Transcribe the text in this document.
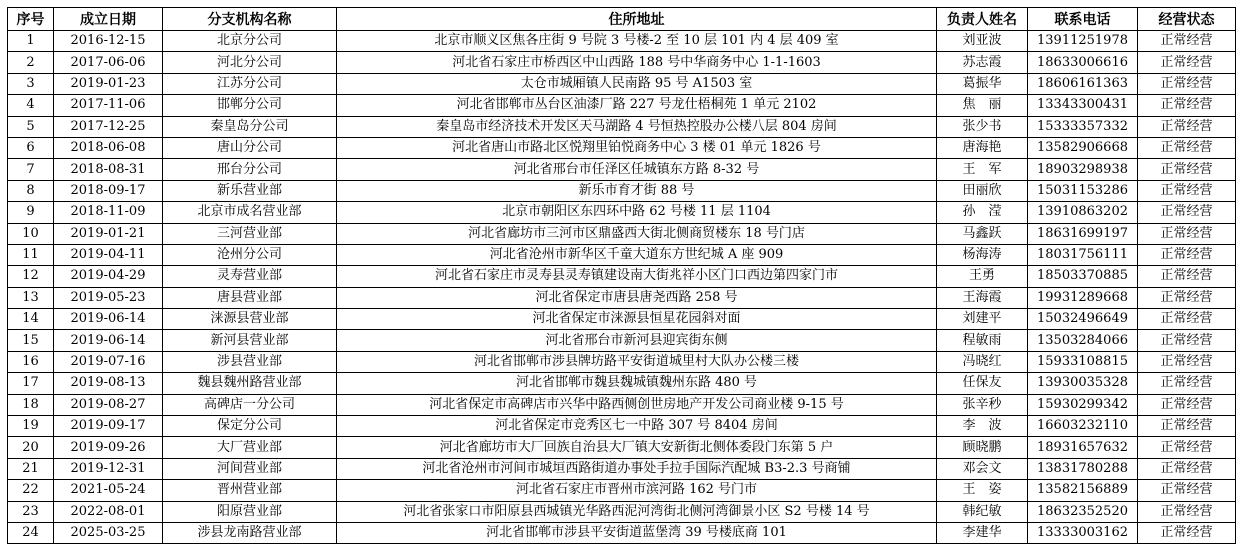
序号	成立日期	分支机构名称	住所地址	负责人姓名	联系电话	经营状态
1	2016-12-15	北京分公司	北京市顺义区焦各庄街 9 号院 3 号楼-2 至 10 层 101 内 4 层 409 室	刘亚波	13911251978	正常经营
2	2017-06-06	河北分公司	河北省石家庄市桥西区中山西路 188 号中华商务中心 1-1-1603	苏志霞	18633006616	正常经营
3	2019-01-23	江苏分公司	太仓市城厢镇人民南路 95 号 A1503 室	葛振华	18606161363	正常经营
4	2017-11-06	邯郸分公司	河北省邯郸市丛台区油漆厂路 227 号龙仕梧桐苑 1 单元 2102	焦　丽	13343300431	正常经营
5	2017-12-25	秦皇岛分公司	秦皇岛市经济技术开发区天马湖路 4 号恒热控股办公楼八层 804 房间	张少书	15333357332	正常经营
6	2018-06-08	唐山分公司	河北省唐山市路北区悦翔里铂悦商务中心 3 楼 01 单元 1826 号	唐海艳	13582906668	正常经营
7	2018-08-31	邢台分公司	河北省邢台市任泽区任城镇东方路 8-32 号	王　军	18903298938	正常经营
8	2018-09-17	新乐营业部	新乐市育才街 88 号	田丽欣	15031153286	正常经营
9	2018-11-09	北京市成名营业部	北京市朝阳区东四环中路 62 号楼 11 层 1104	孙　滢	13910863202	正常经营
10	2019-01-21	三河营业部	河北省廊坊市三河市区鼎盛西大街北侧商贸楼东 18 号门店	马鑫跃	18631699197	正常经营
11	2019-04-11	沧州分公司	河北省沧州市新华区千童大道东方世纪城 A 座 909	杨海涛	18031756111	正常经营
12	2019-04-29	灵寿营业部	河北省石家庄市灵寿县灵寿镇建设南大街兆祥小区门口西边第四家门市	王勇	18503370885	正常经营
13	2019-05-23	唐县营业部	河北省保定市唐县唐尧西路 258 号	王海霞	19931289668	正常经营
14	2019-06-14	涞源县营业部	河北省保定市涞源县恒星花园斜对面	刘建平	15032496649	正常经营
15	2019-06-14	新河县营业部	河北省邢台市新河县迎宾街东侧	程敏雨	13503284066	正常经营
16	2019-07-16	涉县营业部	河北省邯郸市涉县牌坊路平安街道城里村大队办公楼三楼	冯晓红	15933108815	正常经营
17	2019-08-13	魏县魏州路营业部	河北省邯郸市魏县魏城镇魏州东路 480 号	任保友	13930035328	正常经营
18	2019-08-27	高碑店一分公司	河北省保定市高碑店市兴华中路西侧创世房地产开发公司商业楼 9-15 号	张辛秒	15930299342	正常经营
19	2019-09-17	保定分公司	河北省保定市竞秀区七一中路 307 号 8404 房间	李　波	16603232110	正常经营
20	2019-09-26	大厂营业部	河北省廊坊市大厂回族自治县大厂镇大安新街北侧体委段门东第 5 户	顾晓鹏	18931657632	正常经营
21	2019-12-31	河间营业部	河北省沧州市河间市城垣西路街道办事处手拉手国际汽配城 B3-2.3 号商铺	邓会文	13831780288	正常经营
22	2021-05-24	晋州营业部	河北省石家庄市晋州市滨河路 162 号门市	王　姿	13582156889	正常经营
23	2022-08-01	阳原营业部	河北省张家口市阳原县西城镇光华路西泥河湾街北侧河湾御景小区 S2 号楼 14 号	韩纪敏	18632352520	正常经营
24	2025-03-25	涉县龙南路营业部	河北省邯郸市涉县平安街道蓝堡湾 39 号楼底商 101	李建华	13333003162	正常经营
